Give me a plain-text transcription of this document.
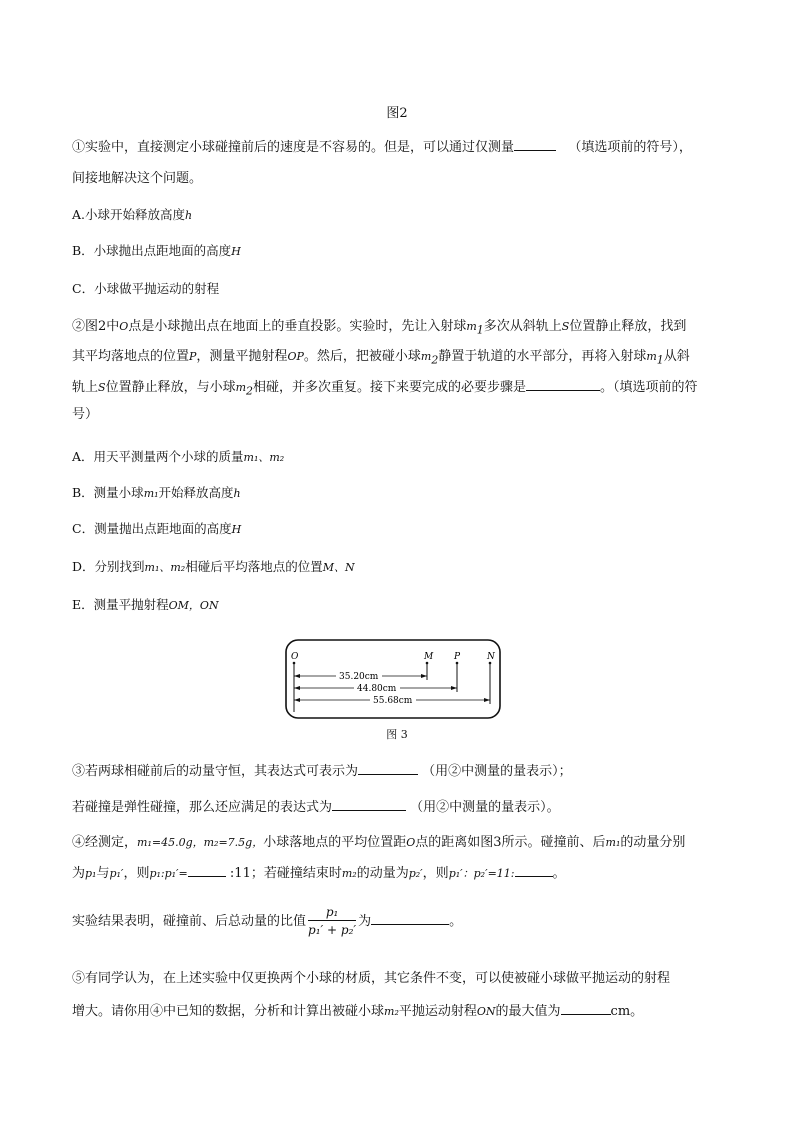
图2
①实验中，直接测定小球碰撞前后的速度是不容易的。但是，可以通过仅测量	（填选项前的符号），
间接地解决这个问题。
A.小球开始释放高度h
B．小球抛出点距地面的高度H
C．小球做平抛运动的射程
②图2中O点是小球抛出点在地面上的垂直投影。实验时，先让入射球$m_1$多次从斜轨上S位置静止释放，找到
其平均落地点的位置P，测量平抛射程OP。然后，把被碰小球$m_2$静置于轨道的水平部分，再将入射球$m_1$从斜
轨上S位置静止释放，与小球$m_2$相碰，并多次重复。接下来要完成的必要步骤是	。（填选项前的符
号）
A．用天平测量两个小球的质量m₁、m₂
B．测量小球m₁开始释放高度h
C．测量抛出点距地面的高度H
D．分别找到m₁、m₂相碰后平均落地点的位置M、N
E．测量平抛射程OM，ON
O	M P	N
35.20cm
44.80cm
55.68cm
图 3
③若两球相碰前后的动量守恒，其表达式可表示为	（用②中测量的量表示）；
若碰撞是弹性碰撞，那么还应满足的表达式为	（用②中测量的量表示）。
④经测定，m₁=45.0g，m₂=7.5g，小球落地点的平均位置距O点的距离如图3所示。碰撞前、后m₁的动量分别
为p₁与p₁′，则p₁:p₁′=	:11；若碰撞结束时m₂的动量为p₂′，则p₁′：p₂′=11:	。
实验结果表明，碰撞前、后总动量的比值 $\frac{\text{p₁}}{\text{p₁′ + p₂′}}$ 为	。
⑤有同学认为，在上述实验中仅更换两个小球的材质，其它条件不变，可以使被碰小球做平抛运动的射程
增大。请你用④中已知的数据，分析和计算出被碰小球m₂平抛运动射程ON的最大值为	cm。
